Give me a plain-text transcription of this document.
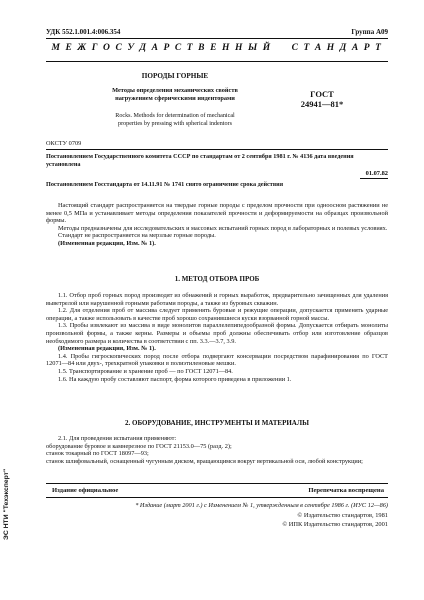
УДК 552.1.001.4:006.354	Группа А09
М Е Ж Г О С У Д А Р С Т В Е Н Н Ы Й     С Т А Н Д А Р Т
ПОРОДЫ ГОРНЫЕ
Методы определения механических свойств
нагружением сферическими инденторами
Rocks. Methods for determination of mechanical
properties by pressing with spherical indentors
ГОСТ
24941—81*
ОКСТУ 0709
Постановлением Государственного комитета СССР по стандартам от 2 сентября 1981 г. № 4136 дата введения
установлена
01.07.82
Постановлением Госстандарта от 14.11.91 № 1741 снято ограничение срока действия
Настоящий стандарт распространяется на твердые горные породы с пределом прочности при одноосном растяжении не менее 0,5 МПа и устанавливает методы определения показателей прочности и деформируемости на образцах произвольной формы.
Методы предназначены для исследовательских и массовых испытаний горных пород в лабораторных и полевых условиях.
Стандарт не распространяется на мерзлые горные породы.
(Измененная редакция, Изм. № 1).
1. МЕТОД ОТБОРА ПРОБ
1.1. Отбор проб горных пород производят из обнажений и горных выработок, предварительно зачищенных для удаления выветрелой или нарушенной горными работами породы, а также из буровых скважин.
1.2. Для отделения проб от массива следует применять буровые и режущие операции, допускается применять ударные операции, а также использовать в качестве проб хорошо сохранившиеся куски взорванной горной массы.
1.3. Пробы извлекают из массива в виде монолитов параллелепипедообразной формы. Допускается отбирать монолиты произвольной формы, а также керны. Размеры и объемы проб должны обеспечивать отбор или изготовление образцов необходимого размера и количества в соответствии с пп. 3.3.—3.7, 3.9.
(Измененная редакция, Изм. № 1).
1.4. Пробы гигроскопических пород после отбора подвергают консервации посредством парафинирования по ГОСТ 12071—84 или двух-, трехкратной упаковки в полиэтиленовые мешки.
1.5. Транспортирование и хранение проб — по ГОСТ 12071—84.
1.6. На каждую пробу составляют паспорт, форма которого приведена в приложении 1.
2. ОБОРУДОВАНИЕ, ИНСТРУМЕНТЫ И МАТЕРИАЛЫ
2.1. Для проведения испытания применяют:
оборудование буровое и камнерезное по ГОСТ 21153.0—75 (разд. 2);
станок токарный по ГОСТ 18097—93;
станок шлифовальный, оснащенный чугунным диском, вращающимся вокруг вертикальной оси, любой конструкции;
Издание официальное	Перепечатка воспрещена
* Издание (март 2001 г.) с Изменением № 1, утвержденным в сентябре 1986 г. (ИУС 12—86)
© Издательство стандартов, 1981
© ИПК Издательство стандартов, 2001
ЭС НТИ "Техэксперт"
